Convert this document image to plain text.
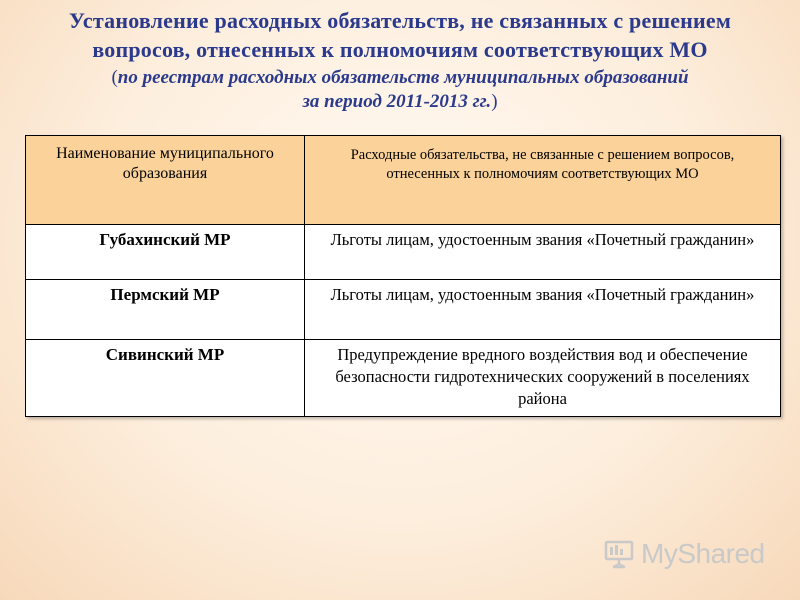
Установление расходных обязательств, не связанных с решением
вопросов, отнесенных к полномочиям соответствующих МО
(по реестрам расходных обязательств муниципальных образований
за период 2011-2013 гг.)
Наименование муниципального образования	Расходные обязательства, не связанные с решением вопросов, отнесенных к полномочиям соответствующих МО
Губахинский МР	Льготы лицам, удостоенным звания «Почетный гражданин»
Пермский МР	Льготы лицам, удостоенным звания «Почетный гражданин»
Сивинский МР	Предупреждение вредного воздействия вод и обеспечение безопасности гидротехнических сооружений в поселениях района
MyShared
